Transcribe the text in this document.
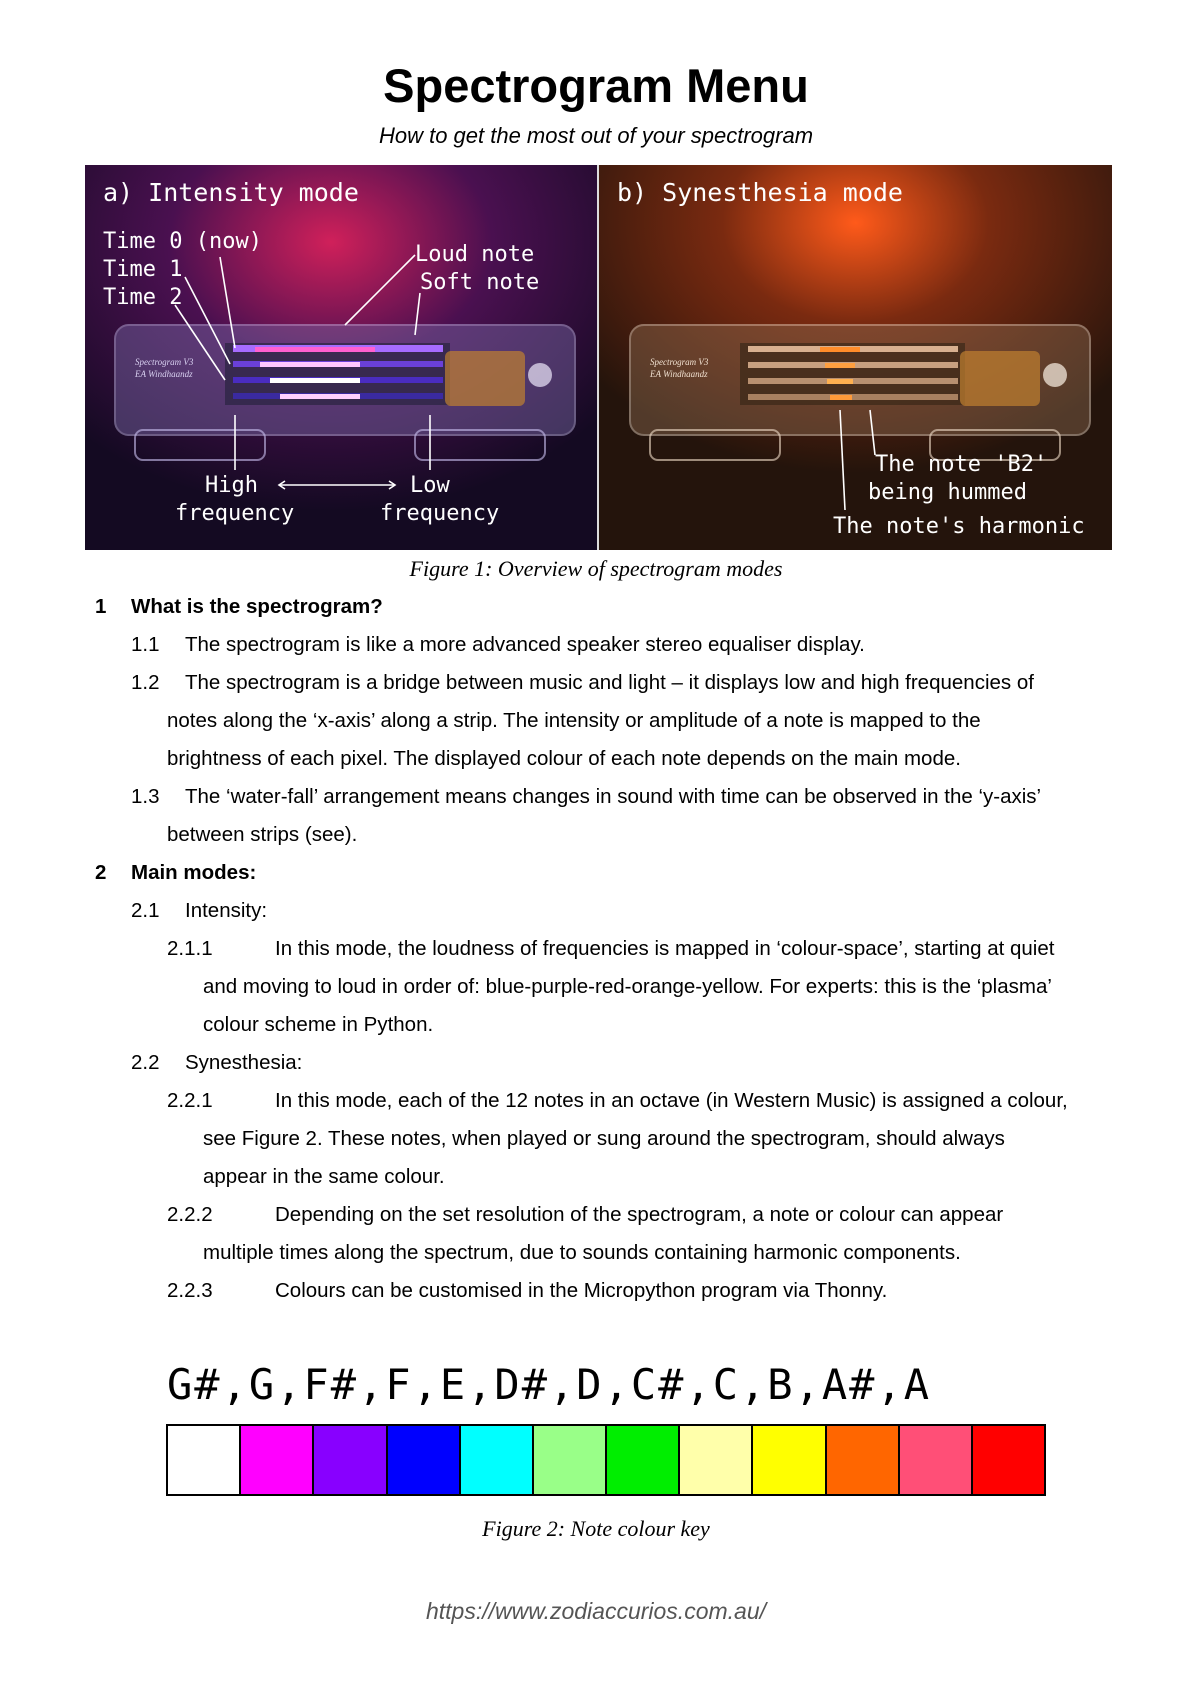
Spectrogram Menu
How to get the most out of your spectrogram
Spectrogram V3
EA Windhaandz
Spectrogram V3
EA Windhaandz
a) Intensity mode
Time 0 (now)
Time 1
Time 2
Loud note
Soft note
High
frequency
Low
frequency
b) Synesthesia mode
The note 'B2'
being hummed
The note's harmonic
Figure 1: Overview of spectrogram modes
1 What is the spectrogram?
1.1 The spectrogram is like a more advanced speaker stereo equaliser display.
1.2 The spectrogram is a bridge between music and light – it displays low and high frequencies of
notes along the ‘x-axis’ along a strip. The intensity or amplitude of a note is mapped to the
brightness of each pixel. The displayed colour of each note depends on the main mode.
1.3 The ‘water-fall’ arrangement means changes in sound with time can be observed in the ‘y-axis’
between strips (see).
2 Main modes:
2.1 Intensity:
2.1.1	In this mode, the loudness of frequencies is mapped in ‘colour-space’, starting at quiet
and moving to loud in order of: blue-purple-red-orange-yellow. For experts: this is the ‘plasma’
colour scheme in Python.
2.2 Synesthesia:
2.2.1	In this mode, each of the 12 notes in an octave (in Western Music) is assigned a colour,
see Figure 2. These notes, when played or sung around the spectrogram, should always
appear in the same colour.
2.2.2	Depending on the set resolution of the spectrogram, a note or colour can appear
multiple times along the spectrum, due to sounds containing harmonic components.
2.2.3	Colours can be customised in the Micropython program via Thonny.
G#,G,F#,F,E,D#,D,C#,C,B,A#,A
Figure 2: Note colour key
https://www.zodiaccurios.com.au/
